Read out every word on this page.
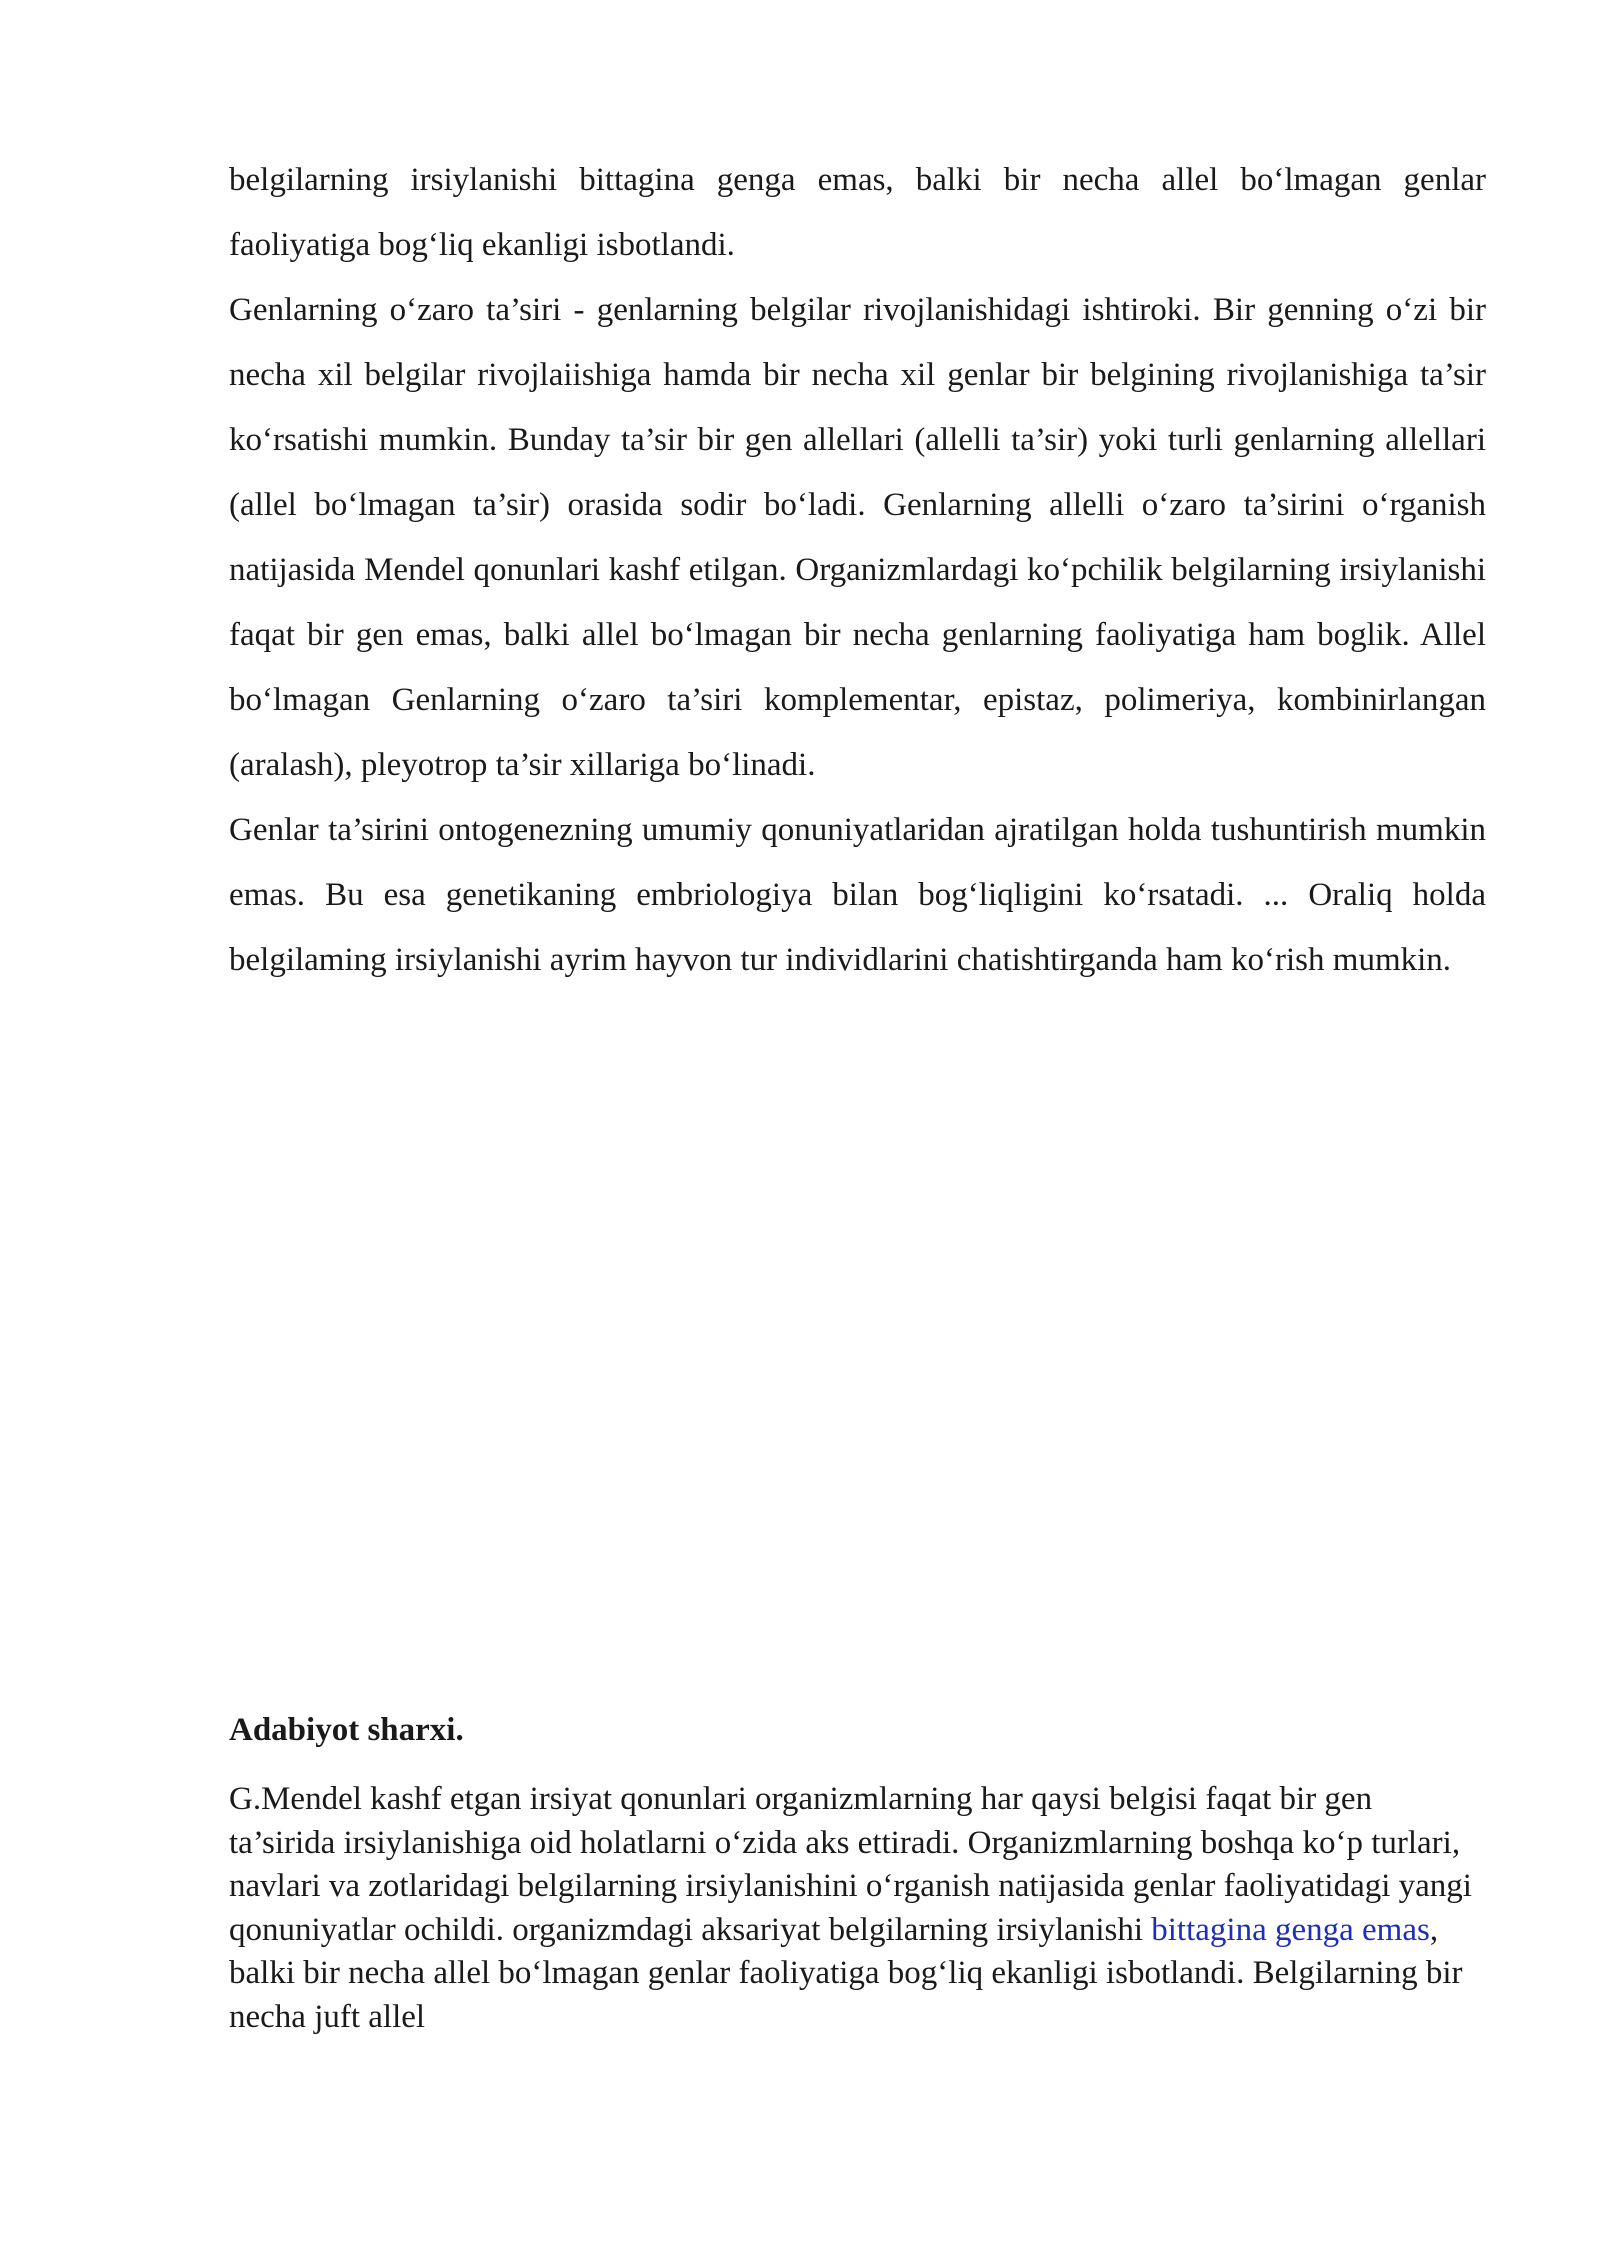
belgilarning irsiylanishi bittagina genga emas, balki bir necha allel bo‘lmagan genlar faoliyatiga bog‘liq ekanligi isbotlandi.

Genlarning o‘zaro ta’siri - genlarning belgilar rivojlanishidagi ishtiroki. Bir genning o‘zi bir necha xil belgilar rivojlaiishiga hamda bir necha xil genlar bir belgining rivojlanishiga ta’sir ko‘rsatishi mumkin. Bunday ta’sir bir gen allellari (allelli ta’sir) yoki turli genlarning allellari (allel bo‘lmagan ta’sir) orasida sodir bo‘ladi. Genlarning allelli o‘zaro ta’sirini o‘rganish natijasida Mendel qonunlari kashf etilgan. Organizmlardagi ko‘pchilik belgilarning irsiylanishi faqat bir gen emas, balki allel bo‘lmagan bir necha genlarning faoliyatiga ham boglik. Allel bo‘lmagan Genlarning o‘zaro ta’siri komplementar, epistaz, polimeriya, kombinirlangan (aralash), pleyotrop ta’sir xillariga bo‘linadi.

Genlar ta’sirini ontogenezning umumiy qonuniyatlaridan ajratilgan holda tushuntirish mumkin emas. Bu esa genetikaning embriologiya bilan bog‘liqligini ko‘rsatadi. ... Oraliq holda belgilaming irsiylanishi ayrim hayvon tur individlarini chatishtirganda ham ko‘rish mumkin.

Adabiyot sharxi.

G.Mendel kashf etgan irsiyat qonunlari organizmlarning har qaysi belgisi faqat bir gen ta’sirida irsiylanishiga oid holatlarni o‘zida aks ettiradi. Organizmlarning boshqa ko‘p turlari, navlari va zotlaridagi belgilarning irsiylanishini o‘rganish natijasida genlar faoliyatidagi yangi qonuniyatlar ochildi. organizmdagi aksariyat belgilarning irsiylanishi bittagina genga emas, balki bir necha allel bo‘lmagan genlar faoliyatiga bog‘liq ekanligi isbotlandi. Belgilarning bir necha juft allel
